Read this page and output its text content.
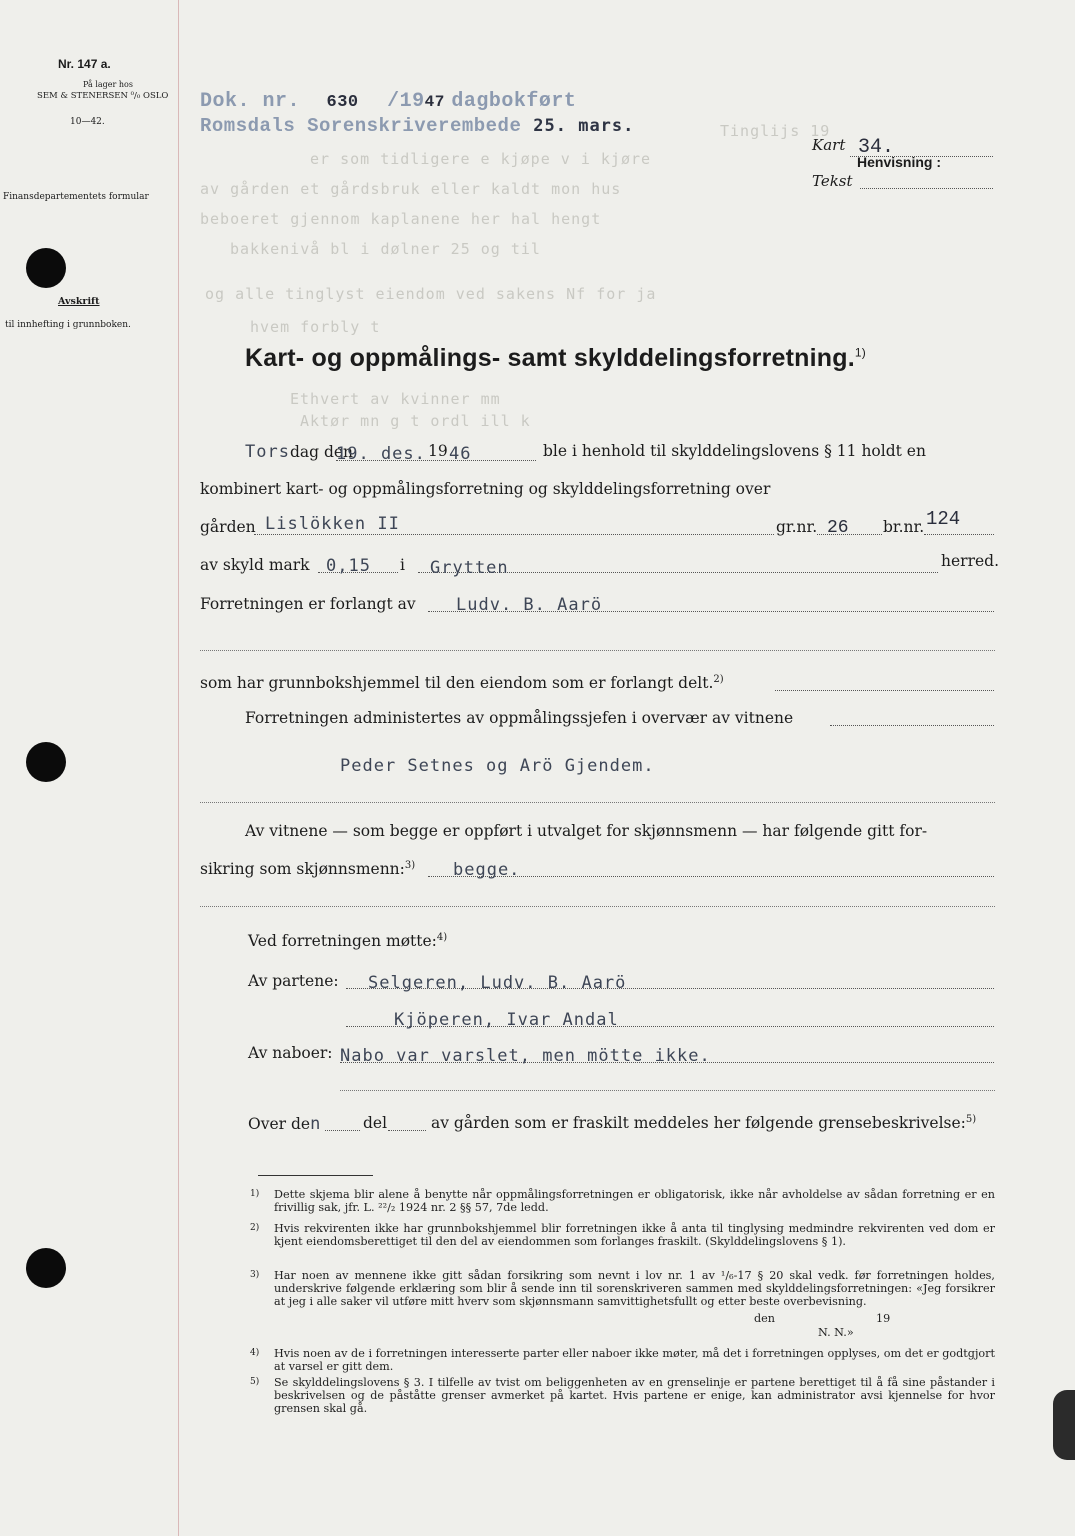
Tinglijs 19
er som tidligere e kjøpe v i kjøre
av gården et gårdsbruk eller kaldt mon hus
beboeret gjennom kaplanene her hal hengt
bakkenivå bl i dølner 25 og til
og alle tinglyst eiendom ved sakens Nf for ja
hvem forbly t
Ethvert av kvinner mm
Aktør mn g t ordl ill k
Nr. 147 a.
På lager hos
SEM & STENERSEN ⁰/₀ OSLO
10—42.
Finansdepartementets formular
Avskrift
til innhefting i grunnboken.
Dok. nr. 630 /1947 dagbokført
Romsdals Sorenskriverembede 25. mars.
Henvisning :
Kart 34.
Tekst
Kart- og oppmålings- samt skylddelingsforretning.$^{1)}$
Torsdag den
19. des. 19 46	ble i henhold til skylddelingslovens § 11 holdt en
kombinert kart- og oppmålingsforretning og skylddelingsforretning over
gården Lislökken II	gr.nr. 26 br.nr. 124
av skyld mark 0,15 i Grytten	herred.
Forretningen er forlangt av Ludv. B. Aarö
som har grunnbokshjemmel til den eiendom som er forlangt delt.$^{2)}$
Forretningen administertes av oppmålingssjefen i overvær av vitnene
Peder Setnes og Arö Gjendem.
Av vitnene — som begge er oppført i utvalget for skjønnsmenn — har følgende gitt for-
sikring som skjønnsmenn:$^{3)}$ begge.
Ved forretningen møtte:$^{4)}$
Av partene: Selgeren, Ludv. B. Aarö
Kjöperen, Ivar Andal
Av naboer: Nabo var varslet, men mötte ikke.
Over den	del	av gården som er fraskilt meddeles her følgende grensebeskrivelse:$^{5)}$
1) Dette skjema blir alene å benytte når oppmålingsforretningen er obligatorisk, ikke når avholdelse av sådan forretning er en frivillig sak, jfr. L. ²²/₂ 1924 nr. 2 §§ 57, 7de ledd.
2) Hvis rekvirenten ikke har grunnbokshjemmel blir forretningen ikke å anta til tinglysing medmindre rekvirenten ved dom er kjent eiendomsberettiget til den del av eiendommen som forlanges fraskilt. (Skylddelingslovens § 1).
3) Har noen av mennene ikke gitt sådan forsikring som nevnt i lov nr. 1 av ¹/₆-17 § 20 skal vedk. før forretningen holdes, underskrive følgende erklæring som blir å sende inn til sorenskriveren sammen med skylddelingsforretningen: «Jeg forsikrer at jeg i alle saker vil utføre mitt hverv som skjønnsmann samvittighetsfullt og etter beste overbevisning.
den	19
N. N.»
4) Hvis noen av de i forretningen interesserte parter eller naboer ikke møter, må det i forretningen opplyses, om det er godtgjort at varsel er gitt dem.
5) Se skylddelingslovens § 3. I tilfelle av tvist om beliggenheten av en grenselinje er partene berettiget til å få sine påstander i beskrivelsen og de påståtte grenser avmerket på kartet. Hvis partene er enige, kan administrator avsi kjennelse for hvor grensen skal gå.
